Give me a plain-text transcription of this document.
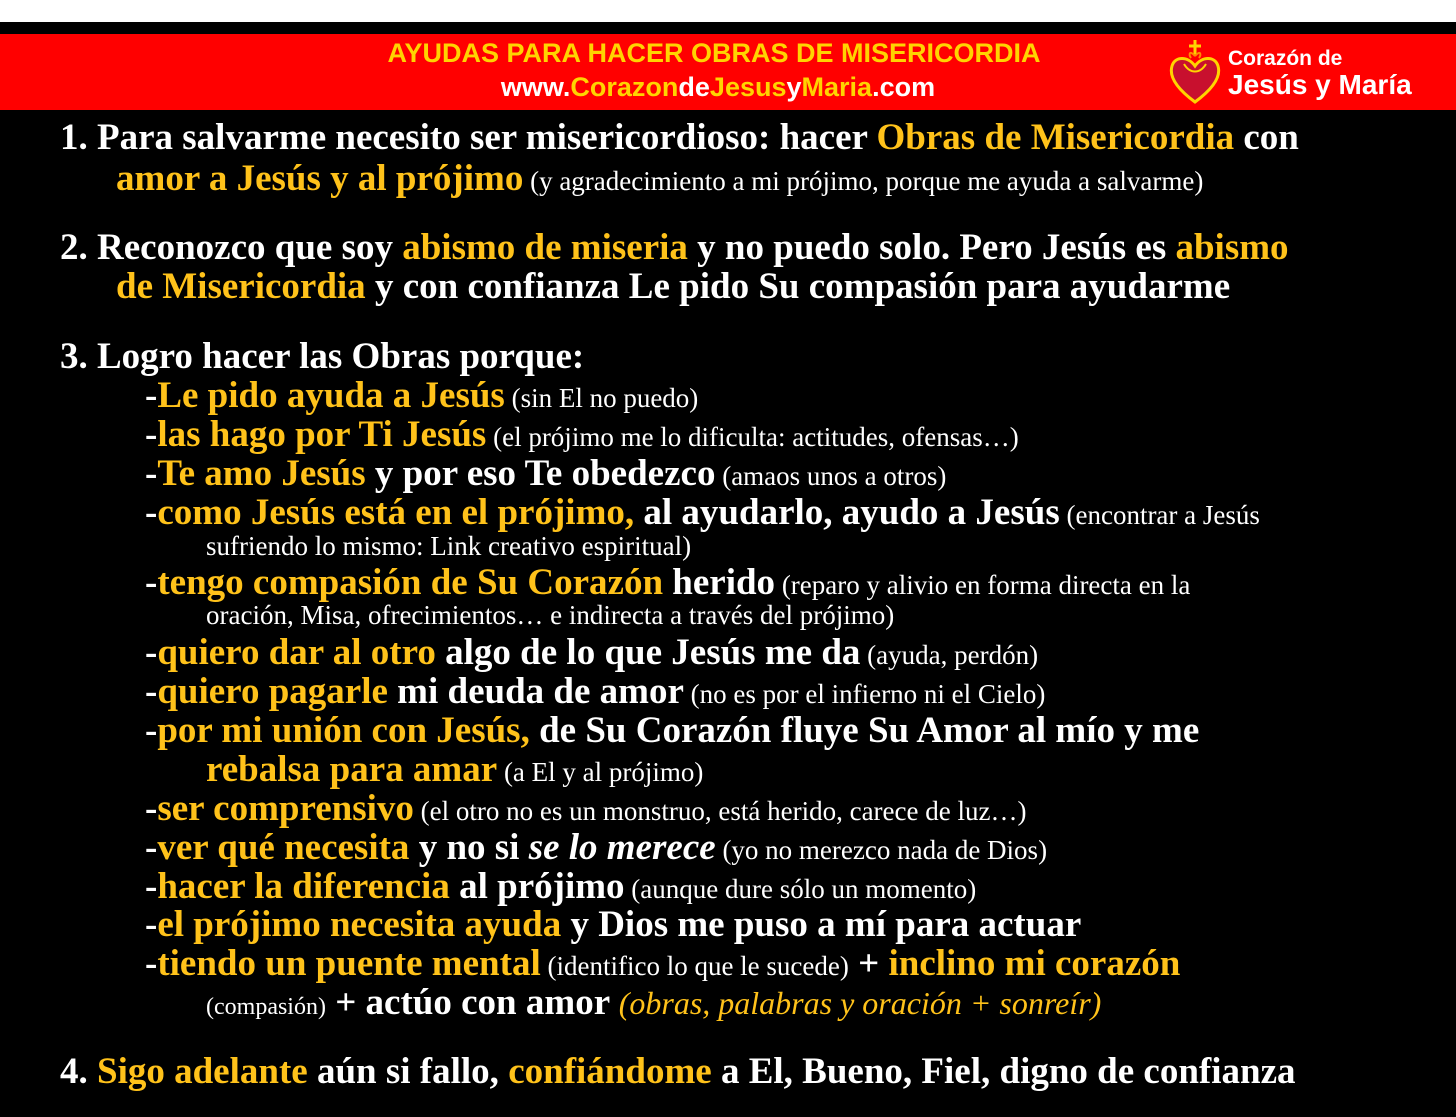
AYUDAS PARA HACER OBRAS DE MISERICORDIA
www.CorazondeJesusyMaria.com
Corazón de
Jesús y María
1. Para salvarme necesito ser misericordioso: hacer Obras de Misericordia con
amor a Jesús y al prójimo (y agradecimiento a mi prójimo, porque me ayuda a salvarme)
2. Reconozco que soy abismo de miseria y no puedo solo. Pero Jesús es abismo
de Misericordia y con confianza Le pido Su compasión para ayudarme
3. Logro hacer las Obras porque:
-Le pido ayuda a Jesús (sin El no puedo)
-las hago por Ti Jesús (el prójimo me lo dificulta: actitudes, ofensas…)
-Te amo Jesús y por eso Te obedezco (amaos unos a otros)
-como Jesús está en el prójimo, al ayudarlo, ayudo a Jesús (encontrar a Jesús
sufriendo lo mismo: Link creativo espiritual)
-tengo compasión de Su Corazón herido (reparo y alivio en forma directa en la
oración, Misa, ofrecimientos… e indirecta a través del prójimo)
-quiero dar al otro algo de lo que Jesús me da (ayuda, perdón)
-quiero pagarle mi deuda de amor (no es por el infierno ni el Cielo)
-por mi unión con Jesús, de Su Corazón fluye Su Amor al mío y me
rebalsa para amar (a El y al prójimo)
-ser comprensivo (el otro no es un monstruo, está herido, carece de luz…)
-ver qué necesita y no si se lo merece (yo no merezco nada de Dios)
-hacer la diferencia al prójimo (aunque dure sólo un momento)
-el prójimo necesita ayuda y Dios me puso a mí para actuar
-tiendo un puente mental (identifico lo que le sucede) + inclino mi corazón
(compasión) + actúo con amor (obras, palabras y oración + sonreír)
4. Sigo adelante aún si fallo, confiándome a El, Bueno, Fiel, digno de confianza
